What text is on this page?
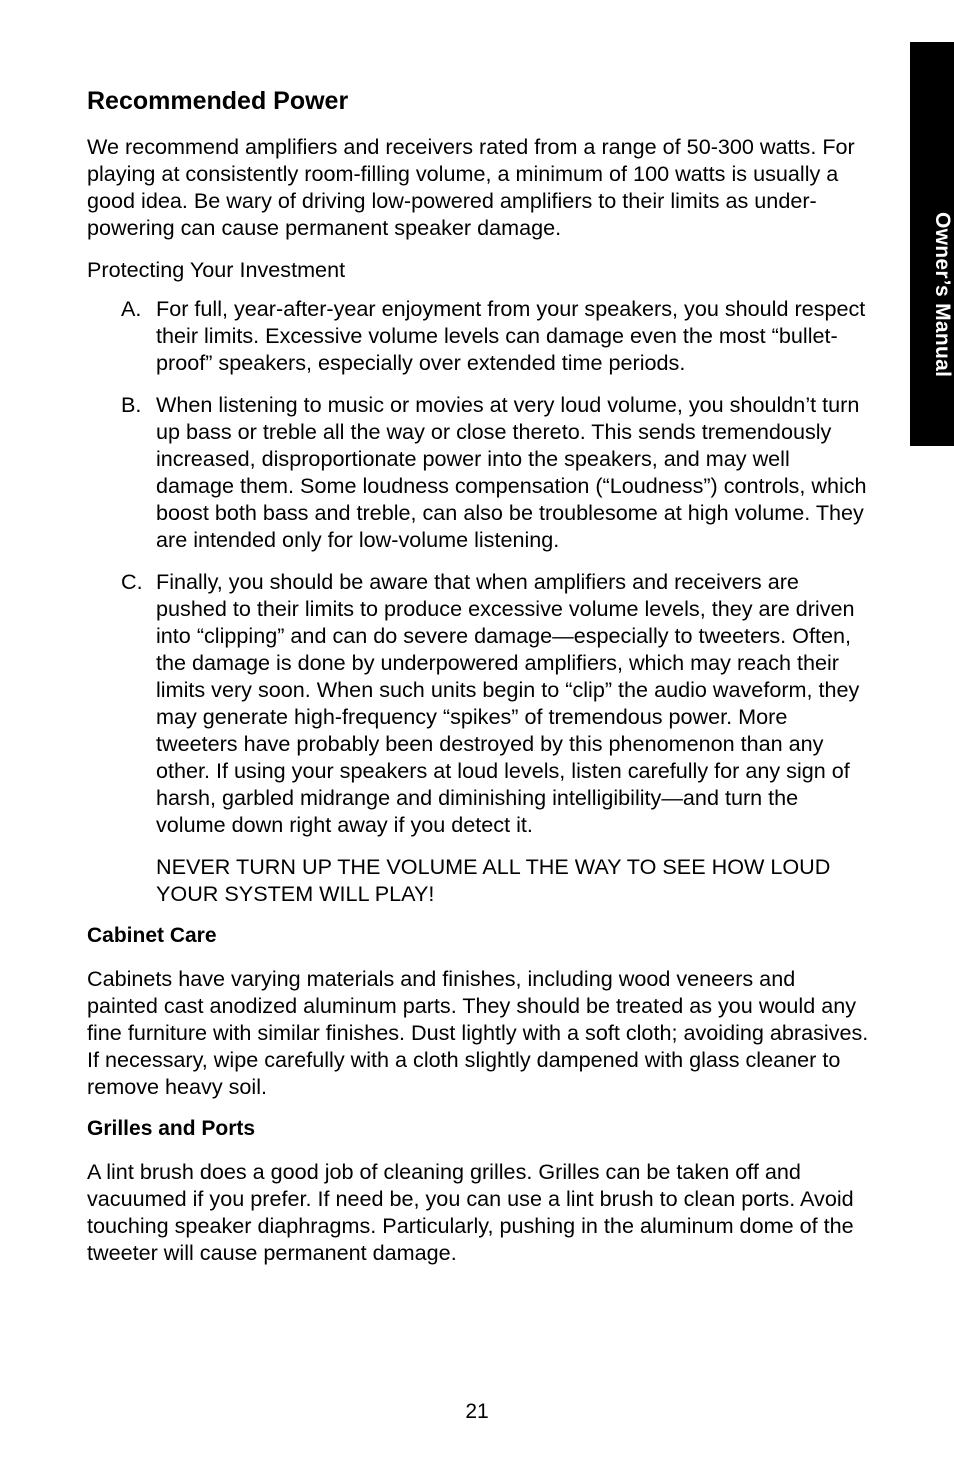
Owner’s Manual
Recommended Power
We recommend amplifiers and receivers rated from a range of 50-300 watts. For playing at consistently room-filling volume, a minimum of 100 watts is usually a good idea. Be wary of driving low-powered amplifiers to their limits as under-powering can cause permanent speaker damage.
Protecting Your Investment
A. For full, year-after-year enjoyment from your speakers, you should respect their limits. Excessive volume levels can damage even the most “bullet-proof” speakers, especially over extended time periods.
B. When listening to music or movies at very loud volume, you shouldn’t turn up bass or treble all the way or close thereto. This sends tremendously increased, disproportionate power into the speakers, and may well damage them. Some loudness compensation (“Loudness”) controls, which boost both bass and treble, can also be troublesome at high volume. They are intended only for low-volume listening.
C. Finally, you should be aware that when amplifiers and receivers are pushed to their limits to produce excessive volume levels, they are driven into “clipping” and can do severe damage—especially to tweeters. Often, the damage is done by underpowered amplifiers, which may reach their limits very soon. When such units begin to “clip” the audio waveform, they may generate high-frequency “spikes” of tremendous power. More tweeters have probably been destroyed by this phenomenon than any other. If using your speakers at loud levels, listen carefully for any sign of harsh, garbled midrange and diminishing intelligibility—and turn the volume down right away if you detect it.
NEVER TURN UP THE VOLUME ALL THE WAY TO SEE HOW LOUD YOUR SYSTEM WILL PLAY!
Cabinet Care
Cabinets have varying materials and finishes, including wood veneers and painted cast anodized aluminum parts. They should be treated as you would any fine furniture with similar finishes. Dust lightly with a soft cloth; avoiding abrasives. If necessary, wipe carefully with a cloth slightly dampened with glass cleaner to remove heavy soil.
Grilles and Ports
A lint brush does a good job of cleaning grilles. Grilles can be taken off and vacuumed if you prefer. If need be, you can use a lint brush to clean ports. Avoid touching speaker diaphragms. Particularly, pushing in the aluminum dome of the tweeter will cause permanent damage.
21
